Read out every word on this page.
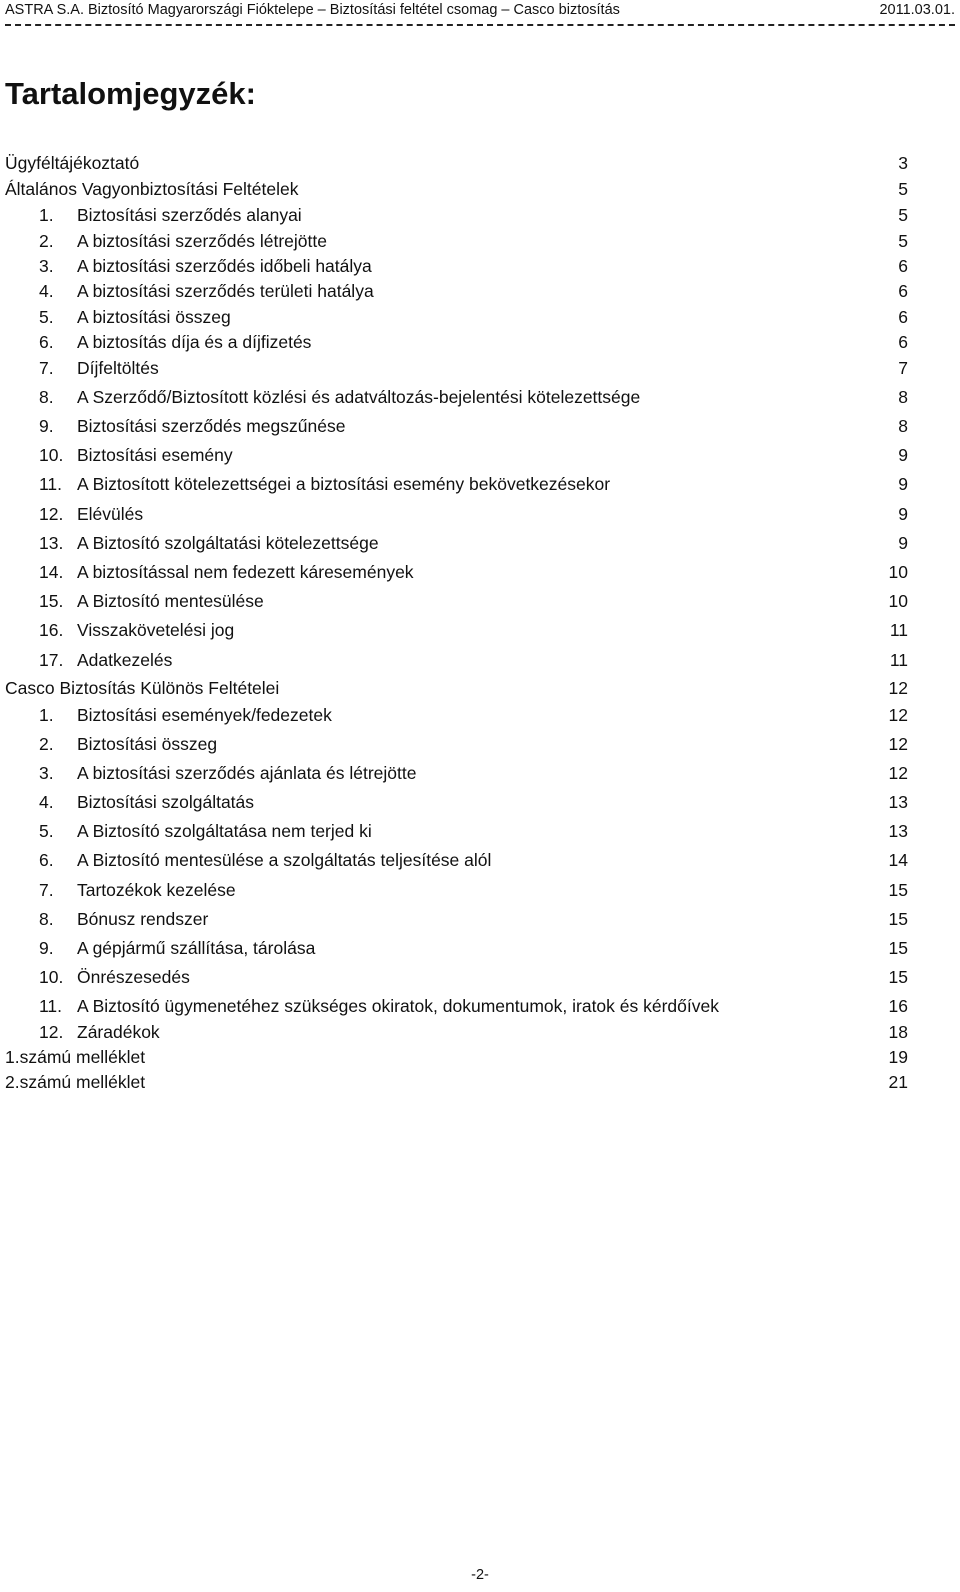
ASTRA S.A. Biztosító Magyarországi Fióktelepe – Biztosítási feltétel csomag – Casco biztosítás	2011.03.01.
Tartalomjegyzék:
Ügyféltájékoztató	3
Általános Vagyonbiztosítási Feltételek	5
1. Biztosítási szerződés alanyai	5
2. A biztosítási szerződés létrejötte	5
3. A biztosítási szerződés időbeli hatálya	6
4. A biztosítási szerződés területi hatálya	6
5. A biztosítási összeg	6
6. A biztosítás díja és a díjfizetés	6
7. Díjfeltöltés	7
8. A Szerződő/Biztosított közlési és adatváltozás-bejelentési kötelezettsége	8
9. Biztosítási szerződés megszűnése	8
10. Biztosítási esemény	9
11. A Biztosított kötelezettségei a biztosítási esemény bekövetkezésekor	9
12. Elévülés	9
13. A Biztosító szolgáltatási kötelezettsége	9
14. A biztosítással nem fedezett káresemények	10
15. A Biztosító mentesülése	10
16. Visszakövetelési jog	11
17. Adatkezelés	11
Casco Biztosítás Különös Feltételei	12
1. Biztosítási események/fedezetek	12
2. Biztosítási összeg	12
3. A biztosítási szerződés ajánlata és létrejötte	12
4. Biztosítási szolgáltatás	13
5. A Biztosító szolgáltatása nem terjed ki	13
6. A Biztosító mentesülése a szolgáltatás teljesítése alól	14
7. Tartozékok kezelése	15
8. Bónusz rendszer	15
9. A gépjármű szállítása, tárolása	15
10. Önrészesedés	15
11. A Biztosító ügymenetéhez szükséges okiratok, dokumentumok, iratok és kérdőívek	16
12. Záradékok	18
1.számú melléklet	19
2.számú melléklet	21
-2-
